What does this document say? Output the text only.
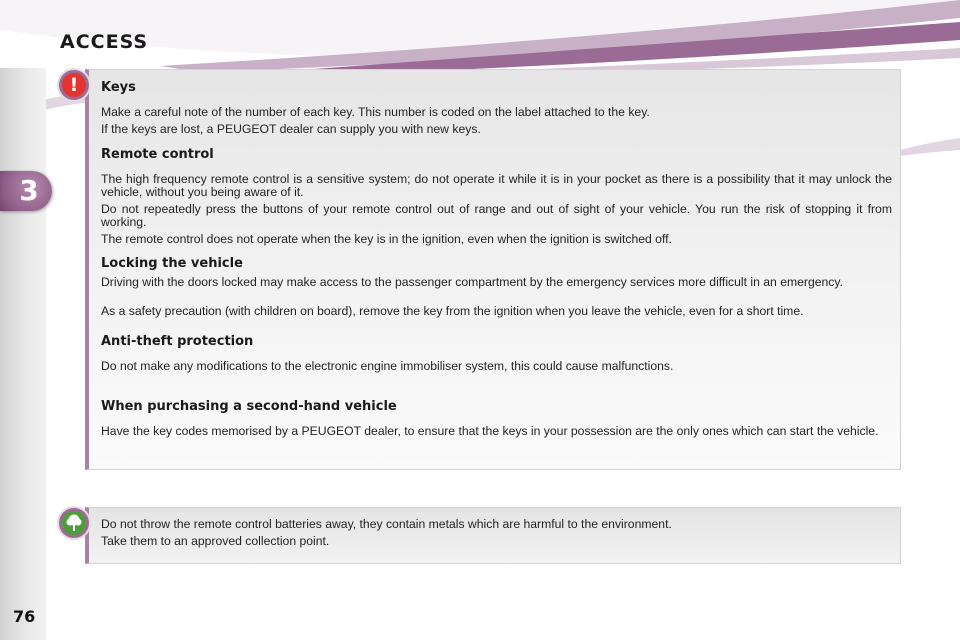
ACCESS
3
76
!	Keys

Make a careful note of the number of each key. This number is coded on the label attached to the key.

If the keys are lost, a PEUGEOT dealer can supply you with new keys.

Remote control

The high frequency remote control is a sensitive system; do not operate it while it is in your pocket as there is a possibility that it may unlock the vehicle, without you being aware of it.

Do not repeatedly press the buttons of your remote control out of range and out of sight of your vehicle. You run the risk of stopping it from working.

The remote control does not operate when the key is in the ignition, even when the ignition is switched off.

Locking the vehicle

Driving with the doors locked may make access to the passenger compartment by the emergency services more difficult in an emergency.

As a safety precaution (with children on board), remove the key from the ignition when you leave the vehicle, even for a short time.

Anti-theft protection

Do not make any modifications to the electronic engine immobiliser system, this could cause malfunctions.

When purchasing a second-hand vehicle

Have the key codes memorised by a PEUGEOT dealer, to ensure that the keys in your possession are the only ones which can start the vehicle.

Do not throw the remote control batteries away, they contain metals which are harmful to the environment.

Take them to an approved collection point.
